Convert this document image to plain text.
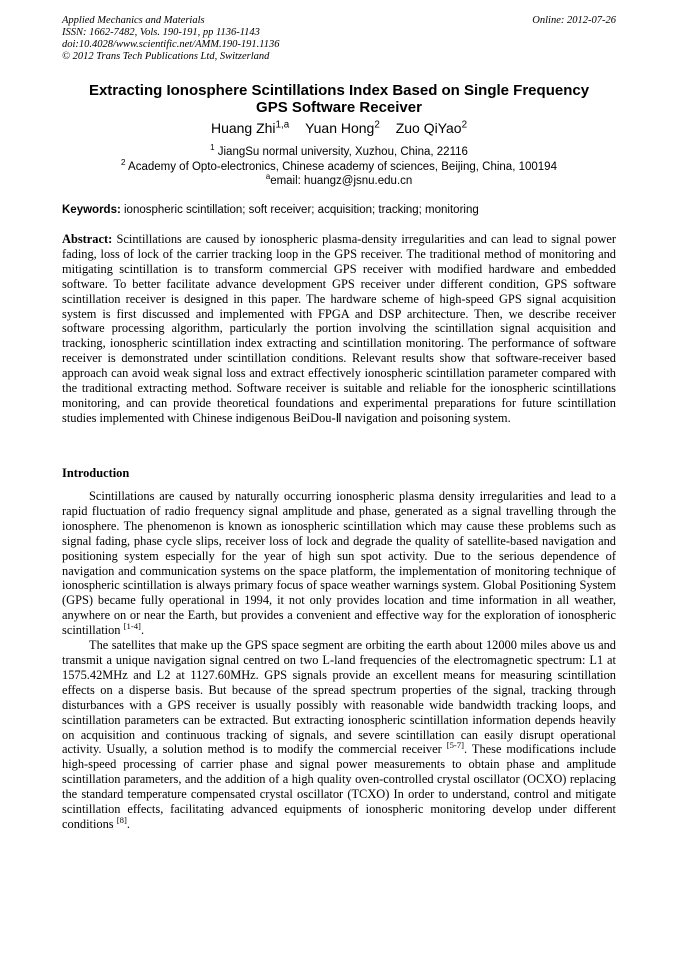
Applied Mechanics and Materials
ISSN: 1662-7482, Vols. 190-191, pp 1136-1143
doi:10.4028/www.scientific.net/AMM.190-191.1136
© 2012 Trans Tech Publications Ltd, Switzerland
Online: 2012-07-26
Extracting Ionosphere Scintillations Index Based on Single Frequency
GPS Software Receiver
Huang Zhi$^{1,a}$ Yuan Hong$^2$ Zuo QiYao$^2$
$^1$ JiangSu normal university, Xuzhou, China, 22116
$^2$ Academy of Opto-electronics, Chinese academy of sciences, Beijing, China, 100194
$^a$email: huangz@jsnu.edu.cn
Keywords: ionospheric scintillation; soft receiver; acquisition; tracking; monitoring
Abstract: Scintillations are caused by ionospheric plasma-density irregularities and can lead to signal power fading, loss of lock of the carrier tracking loop in the GPS receiver. The traditional method of monitoring and mitigating scintillation is to transform commercial GPS receiver with modified hardware and embedded software. To better facilitate advance development GPS receiver under different condition, GPS software scintillation receiver is designed in this paper. The hardware scheme of high-speed GPS signal acquisition system is first discussed and implemented with FPGA and DSP architecture. Then, we describe receiver software processing algorithm, particularly the portion involving the scintillation signal acquisition and tracking, ionospheric scintillation index extracting and scintillation monitoring. The performance of software receiver is demonstrated under scintillation conditions. Relevant results show that software-receiver based approach can avoid weak signal loss and extract effectively ionospheric scintillation parameter compared with the traditional extracting method. Software receiver is suitable and reliable for the ionospheric scintillations monitoring, and can provide theoretical foundations and experimental preparations for future scintillation studies implemented with Chinese indigenous BeiDou-Ⅱ navigation and poisoning system.
Introduction

Scintillations are caused by naturally occurring ionospheric plasma density irregularities and lead to a rapid fluctuation of radio frequency signal amplitude and phase, generated as a signal travelling through the ionosphere. The phenomenon is known as ionospheric scintillation which may cause these problems such as signal fading, phase cycle slips, receiver loss of lock and degrade the quality of satellite-based navigation and positioning system especially for the year of high sun spot activity. Due to the serious dependence of navigation and communication systems on the space platform, the implementation of monitoring technique of ionospheric scintillation is always primary focus of space weather warnings system. Global Positioning System (GPS) became fully operational in 1994, it not only provides location and time information in all weather, anywhere on or near the Earth, but provides a convenient and effective way for the exploration of ionospheric scintillation [1-4].

The satellites that make up the GPS space segment are orbiting the earth about 12000 miles above us and transmit a unique navigation signal centred on two L-land frequencies of the electromagnetic spectrum: L1 at 1575.42MHz and L2 at 1127.60MHz. GPS signals provide an excellent means for measuring scintillation effects on a disperse basis. But because of the spread spectrum properties of the signal, tracking through disturbances with a GPS receiver is usually possibly with reasonable wide bandwidth tracking loops, and scintillation parameters can be extracted. But extracting ionospheric scintillation information depends heavily on acquisition and continuous tracking of signals, and severe scintillation can easily disrupt operational activity. Usually, a solution method is to modify the commercial receiver [5-7]. These modifications include high-speed processing of carrier phase and signal power measurements to obtain phase and amplitude scintillation parameters, and the addition of a high quality oven-controlled crystal oscillator (OCXO) replacing the standard temperature compensated crystal oscillator (TCXO) In order to understand, control and mitigate scintillation effects, facilitating advanced equipments of ionospheric monitoring develop under different conditions [8].
